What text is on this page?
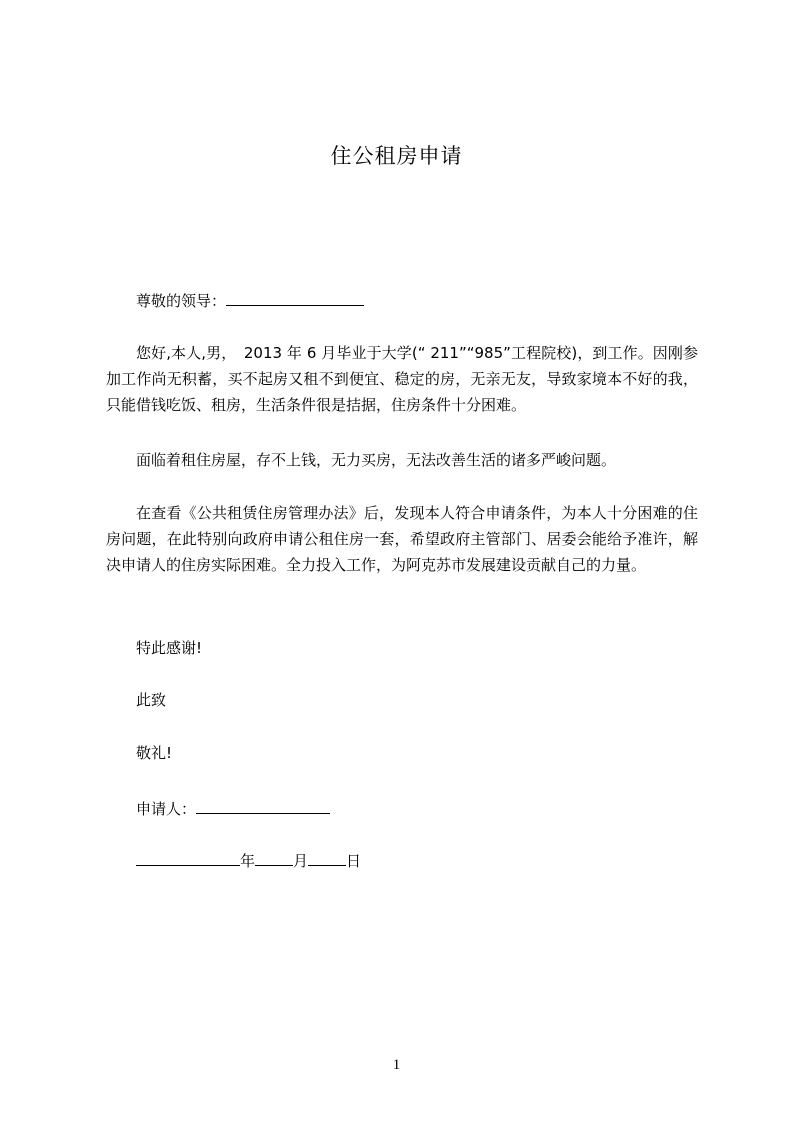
住公租房申请
尊敬的领导：
您好,本人,男，　2013 年 6 月毕业于大学(“ 211”“985”工程院校)，到工作。因刚参加工作尚无积蓄，买不起房又租不到便宜、稳定的房，无亲无友，导致家境本不好的我，只能借钱吃饭、租房，生活条件很是拮据，住房条件十分困难。
面临着租住房屋，存不上钱，无力买房，无法改善生活的诸多严峻问题。
在查看《公共租赁住房管理办法》后，发现本人符合申请条件，为本人十分困难的住房问题，在此特别向政府申请公租住房一套，希望政府主管部门、居委会能给予准许，解决申请人的住房实际困难。全力投入工作，为阿克苏市发展建设贡献自己的力量。
特此感谢!
此致
敬礼!
申请人：
年	月	日
1
